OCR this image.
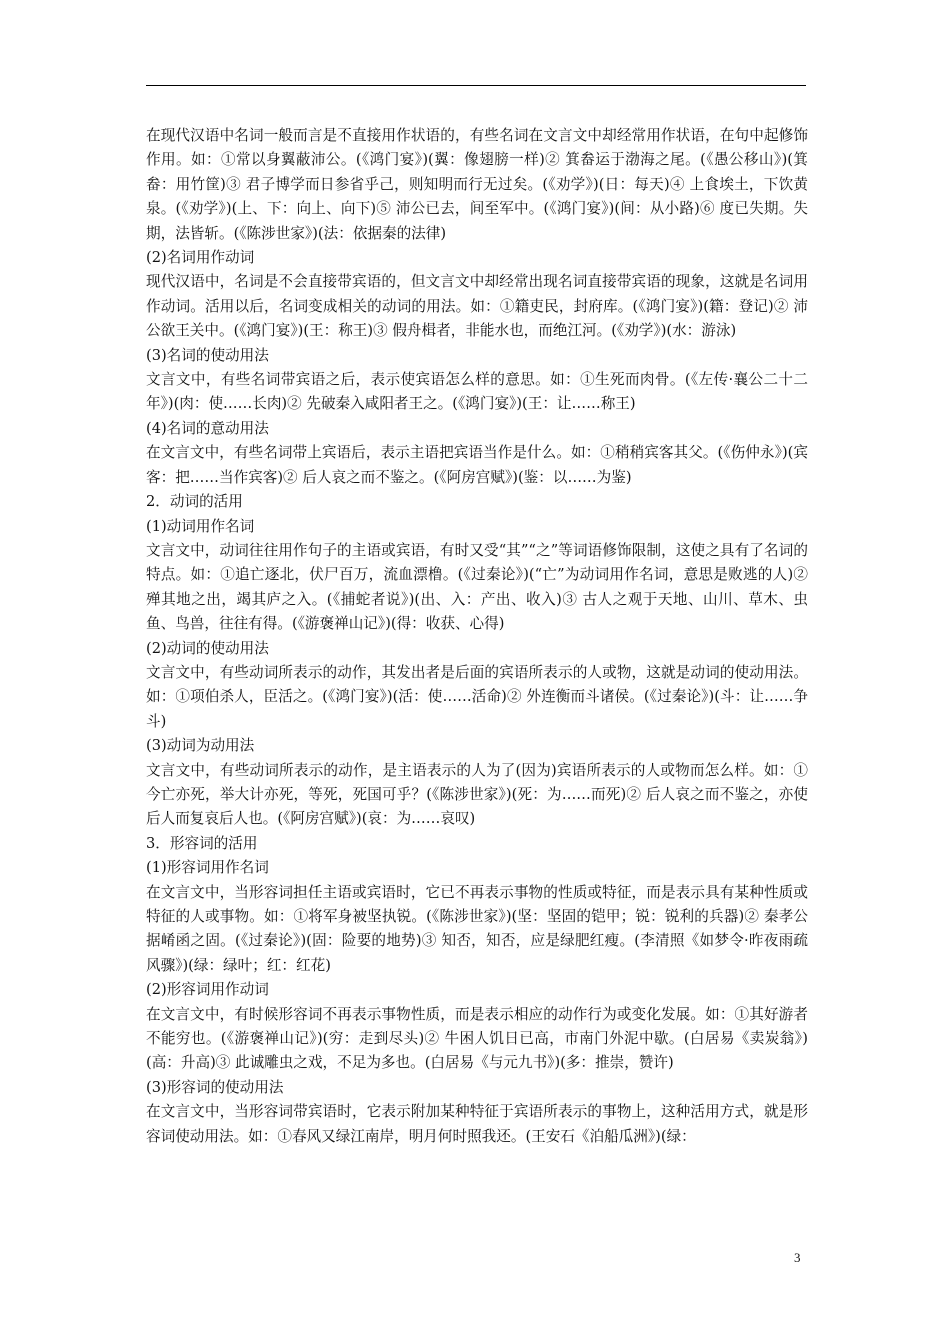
在现代汉语中名词一般而言是不直接用作状语的，有些名词在文言文中却经常用作状语，在句中起修饰作用。如：①常以身翼蔽沛公。(《鸿门宴》)(翼：像翅膀一样)② 箕畚运于渤海之尾。(《愚公移山》)(箕畚：用竹筐)③ 君子博学而日参省乎己，则知明而行无过矣。(《劝学》)(日：每天)④ 上食埃土，下饮黄泉。(《劝学》)(上、下：向上、向下)⑤ 沛公已去，间至军中。(《鸿门宴》)(间：从小路)⑥ 度已失期。失期，法皆斩。(《陈涉世家》)(法：依据秦的法律)

(2)名词用作动词

现代汉语中，名词是不会直接带宾语的，但文言文中却经常出现名词直接带宾语的现象，这就是名词用作动词。活用以后，名词变成相关的动词的用法。如：①籍吏民，封府库。(《鸿门宴》)(籍：登记)② 沛公欲王关中。(《鸿门宴》)(王：称王)③ 假舟楫者，非能水也，而绝江河。(《劝学》)(水：游泳)

(3)名词的使动用法

文言文中，有些名词带宾语之后，表示使宾语怎么样的意思。如：①生死而肉骨。(《左传·襄公二十二年》)(肉：使……长肉)② 先破秦入咸阳者王之。(《鸿门宴》)(王：让……称王)

(4)名词的意动用法

在文言文中，有些名词带上宾语后，表示主语把宾语当作是什么。如：①稍稍宾客其父。(《伤仲永》)(宾客：把……当作宾客)② 后人哀之而不鉴之。(《阿房宫赋》)(鉴：以……为鉴)

2．动词的活用

(1)动词用作名词

文言文中，动词往往用作句子的主语或宾语，有时又受“其”“之”等词语修饰限制，这使之具有了名词的特点。如：①追亡逐北，伏尸百万，流血漂橹。(《过秦论》)(“亡”为动词用作名词，意思是败逃的人)② 殚其地之出，竭其庐之入。(《捕蛇者说》)(出、入：产出、收入)③ 古人之观于天地、山川、草木、虫鱼、鸟兽，往往有得。(《游褒禅山记》)(得：收获、心得)

(2)动词的使动用法

文言文中，有些动词所表示的动作，其发出者是后面的宾语所表示的人或物，这就是动词的使动用法。如：①项伯杀人，臣活之。(《鸿门宴》)(活：使……活命)② 外连衡而斗诸侯。(《过秦论》)(斗：让……争斗)

(3)动词为动用法

文言文中，有些动词所表示的动作，是主语表示的人为了(因为)宾语所表示的人或物而怎么样。如：①今亡亦死，举大计亦死，等死，死国可乎？(《陈涉世家》)(死：为……而死)② 后人哀之而不鉴之，亦使后人而复哀后人也。(《阿房宫赋》)(哀：为……哀叹)

3．形容词的活用

(1)形容词用作名词

在文言文中，当形容词担任主语或宾语时，它已不再表示事物的性质或特征，而是表示具有某种性质或特征的人或事物。如：①将军身被坚执锐。(《陈涉世家》)(坚：坚固的铠甲；锐：锐利的兵器)② 秦孝公据崤函之固。(《过秦论》)(固：险要的地势)③ 知否，知否，应是绿肥红瘦。(李清照《如梦令·昨夜雨疏风骤》)(绿：绿叶；红：红花)

(2)形容词用作动词

在文言文中，有时候形容词不再表示事物性质，而是表示相应的动作行为或变化发展。如：①其好游者不能穷也。(《游褒禅山记》)(穷：走到尽头)② 牛困人饥日已高，市南门外泥中歇。(白居易《卖炭翁》)(高：升高)③ 此诚雕虫之戏，不足为多也。(白居易《与元九书》)(多：推崇，赞许)

(3)形容词的使动用法

在文言文中，当形容词带宾语时，它表示附加某种特征于宾语所表示的事物上，这种活用方式，就是形容词使动用法。如：①春风又绿江南岸，明月何时照我还。(王安石《泊船瓜洲》)(绿：

3
